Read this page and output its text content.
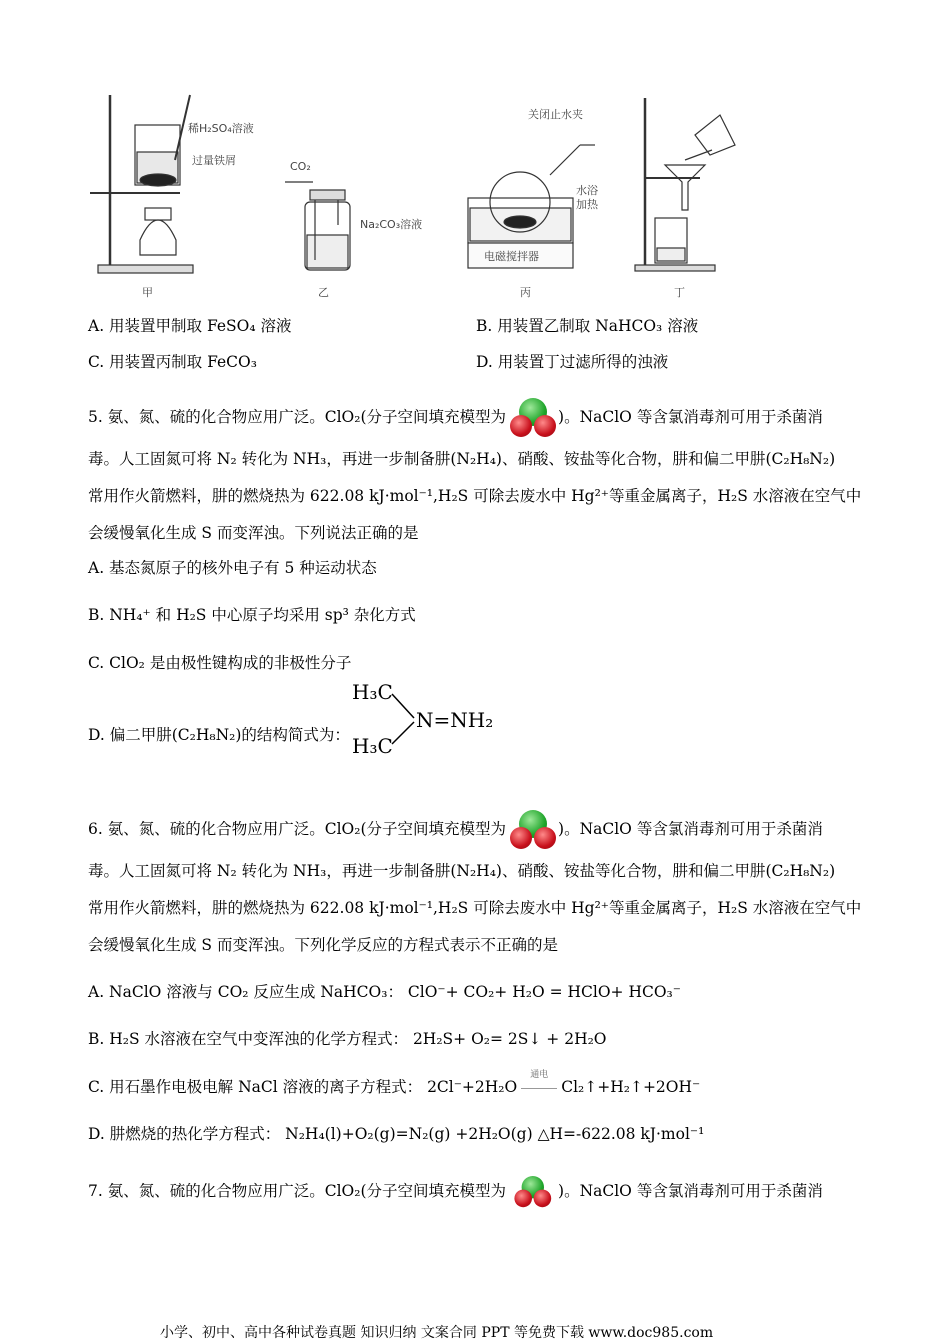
稀H₂SO₄溶液
过量铁屑
甲
CO₂
Na₂CO₃溶液
乙
关闭止水夹
水浴
加热
电磁搅拌器
丙	丁
A. 用装置甲制取 FeSO₄ 溶液	B. 用装置乙制取 NaHCO₃ 溶液
C. 用装置丙制取 FeCO₃	D. 用装置丁过滤所得的浊液
5. 氨、氮、硫的化合物应用广泛。ClO₂(分子空间填充模型为	)。NaClO 等含氯消毒剂可用于杀菌消
毒。人工固氮可将 N₂ 转化为 NH₃，再进一步制备肼(N₂H₄)、硝酸、铵盐等化合物，肼和偏二甲肼(C₂H₈N₂)
常用作火箭燃料，肼的燃烧热为 622.08 kJ·mol⁻¹,H₂S 可除去废水中 Hg²⁺等重金属离子，H₂S 水溶液在空气中
会缓慢氧化生成 S 而变浑浊。下列说法正确的是
A. 基态氮原子的核外电子有 5 种运动状态
B. NH₄⁺ 和 H₂S 中心原子均采用 sp³ 杂化方式
C. ClO₂ 是由极性键构成的非极性分子
D. 偏二甲肼(C₂H₈N₂)的结构简式为：
H₃C
H₃C
N=NH₂
6. 氨、氮、硫的化合物应用广泛。ClO₂(分子空间填充模型为	)。NaClO 等含氯消毒剂可用于杀菌消
毒。人工固氮可将 N₂ 转化为 NH₃，再进一步制备肼(N₂H₄)、硝酸、铵盐等化合物，肼和偏二甲肼(C₂H₈N₂)
常用作火箭燃料，肼的燃烧热为 622.08 kJ·mol⁻¹,H₂S 可除去废水中 Hg²⁺等重金属离子，H₂S 水溶液在空气中
会缓慢氧化生成 S 而变浑浊。下列化学反应的方程式表示不正确的是
A. NaClO 溶液与 CO₂ 反应生成 NaHCO₃： ClO⁻+ CO₂+ H₂O = HClO+ HCO₃⁻
B. H₂S 水溶液在空气中变浑浊的化学方程式： 2H₂S+ O₂= 2S↓ + 2H₂O
C. 用石墨作电极电解 NaCl 溶液的离子方程式： 2Cl⁻+2H₂O
通电
Cl₂↑+H₂↑+2OH⁻
D. 肼燃烧的热化学方程式： N₂H₄(l)+O₂(g)=N₂(g) +2H₂O(g) △H=-622.08 kJ·mol⁻¹
7. 氨、氮、硫的化合物应用广泛。ClO₂(分子空间填充模型为	)。NaClO 等含氯消毒剂可用于杀菌消
小学、初中、高中各种试卷真题 知识归纳 文案合同 PPT 等免费下载 www.doc985.com
